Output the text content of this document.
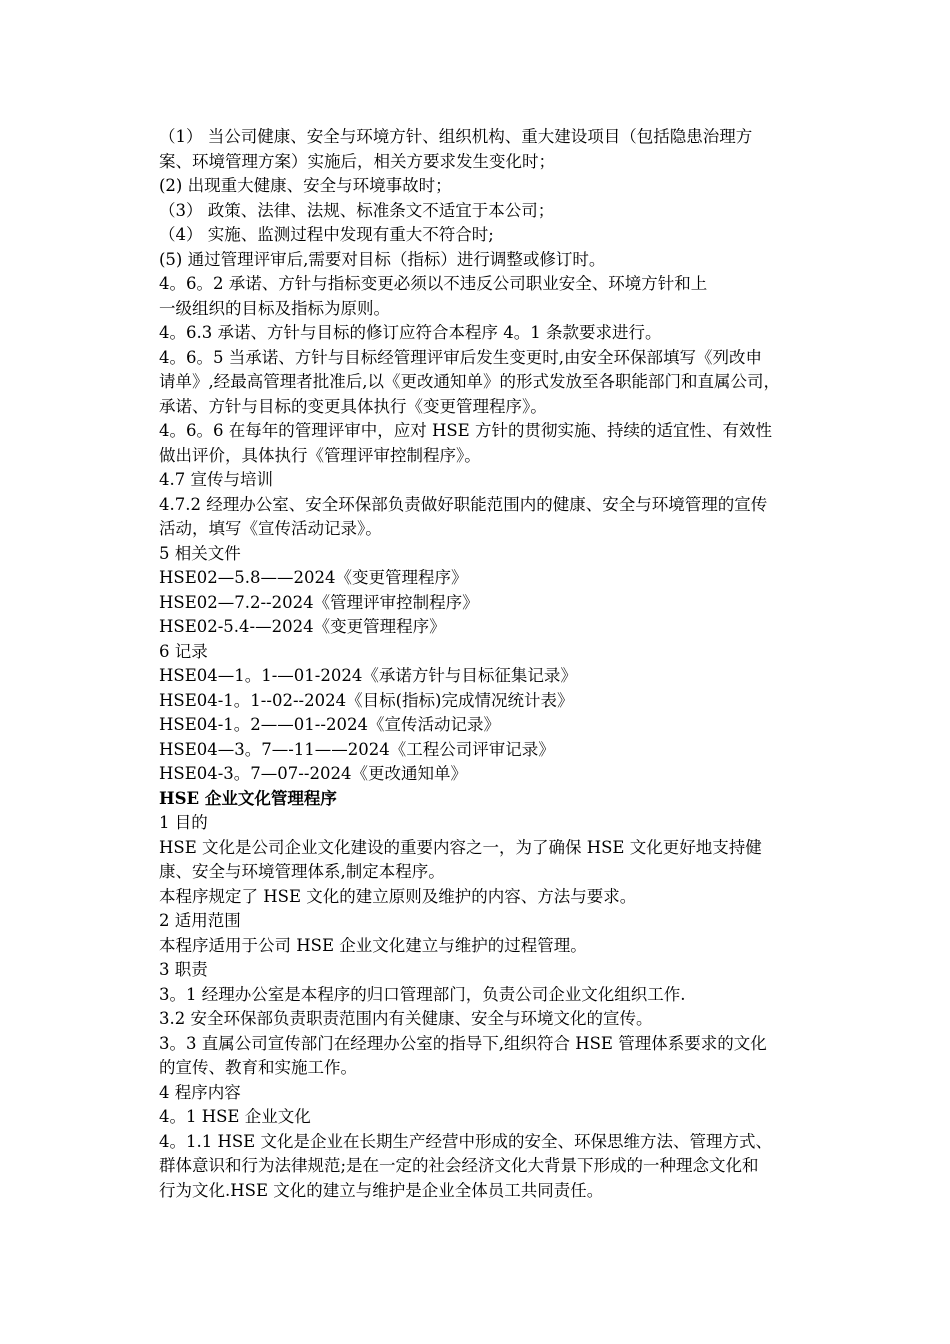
（1） 当公司健康、安全与环境方针、组织机构、重大建设项目（包括隐患治理方
案、环境管理方案）实施后，相关方要求发生变化时；
(2) 出现重大健康、安全与环境事故时；
（3） 政策、法律、法规、标准条文不适宜于本公司；
（4） 实施、监测过程中发现有重大不符合时;
(5) 通过管理评审后,需要对目标（指标）进行调整或修订时。
4。6。2 承诺、方针与指标变更必须以不违反公司职业安全、环境方针和上
一级组织的目标及指标为原则。
4。6.3 承诺、方针与目标的修订应符合本程序 4。1 条款要求进行。
4。6。5 当承诺、方针与目标经管理评审后发生变更时,由安全环保部填写《列改申
请单》,经最高管理者批准后,以《更改通知单》的形式发放至各职能部门和直属公司，
承诺、方针与目标的变更具体执行《变更管理程序》。
4。6。6 在每年的管理评审中，应对 HSE 方针的贯彻实施、持续的适宜性、有效性
做出评价，具体执行《管理评审控制程序》。
4.7 宣传与培训
4.7.2 经理办公室、安全环保部负责做好职能范围内的健康、安全与环境管理的宣传
活动，填写《宣传活动记录》。
5 相关文件
HSE02—5.8——2024《变更管理程序》
HSE02—7.2--2024《管理评审控制程序》
HSE02-5.4-—2024《变更管理程序》
6 记录
HSE04—1。1-—01-2024《承诺方针与目标征集记录》
HSE04-1。1--02--2024《目标(指标)完成情况统计表》
HSE04-1。2——01--2024《宣传活动记录》
HSE04—3。7—-11——2024《工程公司评审记录》
HSE04-3。7—07--2024《更改通知单》
HSE 企业文化管理程序
1 目的
HSE 文化是公司企业文化建设的重要内容之一，为了确保 HSE 文化更好地支持健
康、安全与环境管理体系,制定本程序。
本程序规定了 HSE 文化的建立原则及维护的内容、方法与要求。
2 适用范围
本程序适用于公司 HSE 企业文化建立与维护的过程管理。
3 职责
3。1 经理办公室是本程序的归口管理部门，负责公司企业文化组织工作.
3.2 安全环保部负责职责范围内有关健康、安全与环境文化的宣传。
3。3 直属公司宣传部门在经理办公室的指导下,组织符合 HSE 管理体系要求的文化
的宣传、教育和实施工作。
4 程序内容
4。1 HSE 企业文化
4。1.1 HSE 文化是企业在长期生产经营中形成的安全、环保思维方法、管理方式、
群体意识和行为法律规范;是在一定的社会经济文化大背景下形成的一种理念文化和
行为文化.HSE 文化的建立与维护是企业全体员工共同责任。
